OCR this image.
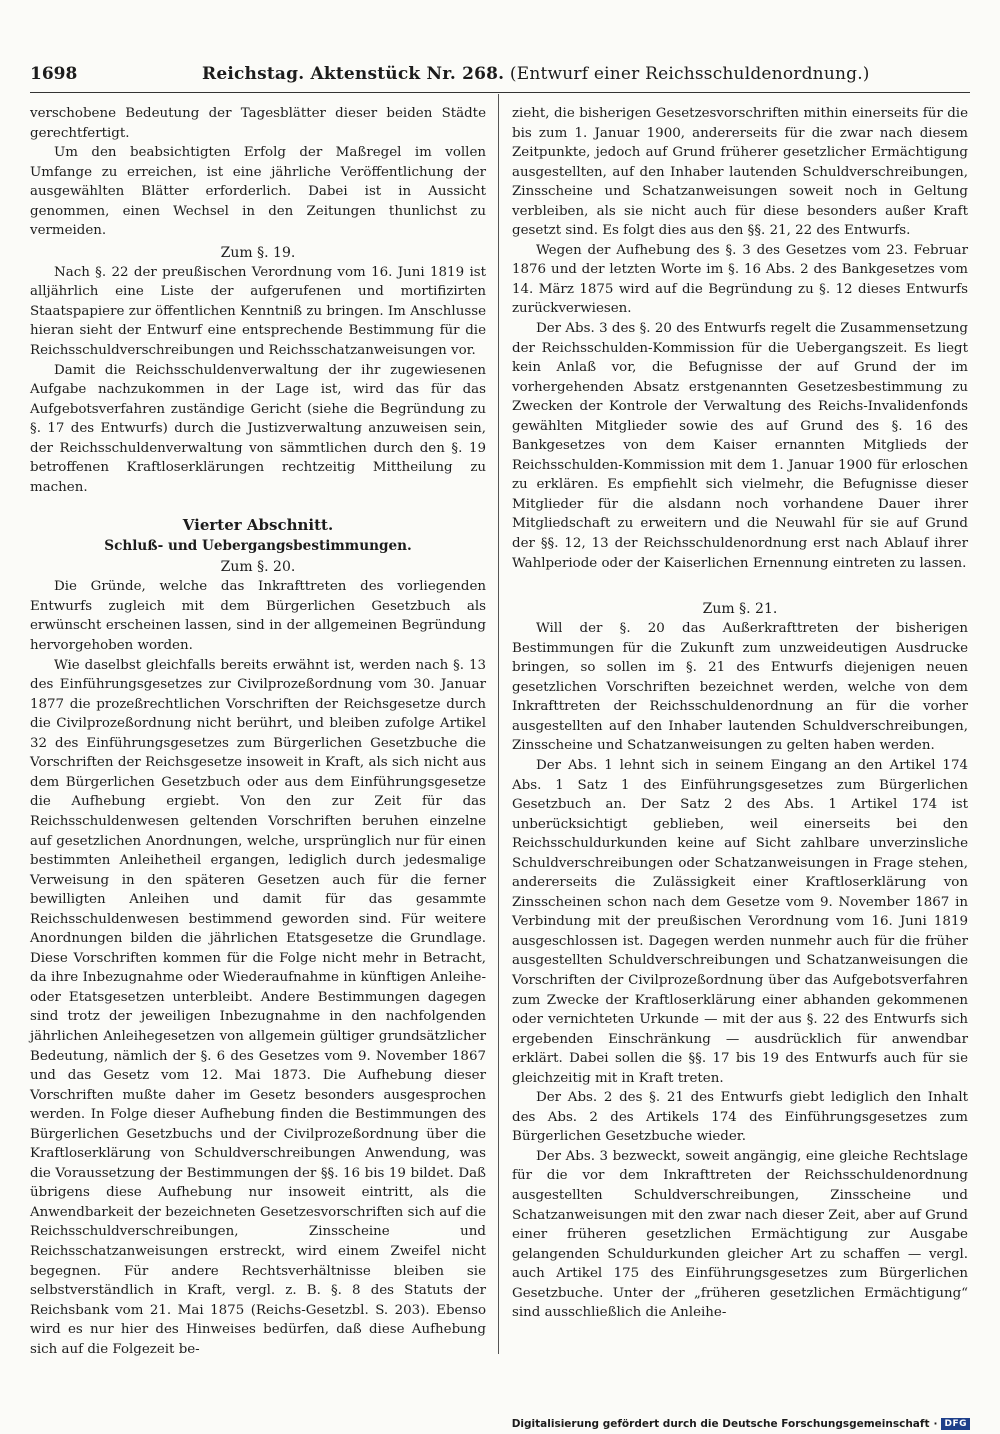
1698	Reichstag. Aktenstück Nr. 268. (Entwurf einer Reichsschuldenordnung.)

verschobene Bedeutung der Tagesblätter dieser beiden Städte gerechtfertigt.

Um den beabsichtigten Erfolg der Maßregel im vollen Umfange zu erreichen, ist eine jährliche Veröffentlichung der ausgewählten Blätter erforderlich. Dabei ist in Aussicht genommen, einen Wechsel in den Zeitungen thunlichst zu vermeiden.

Zum §. 19.

Nach §. 22 der preußischen Verordnung vom 16. Juni 1819 ist alljährlich eine Liste der aufgerufenen und mortifizirten Staatspapiere zur öffentlichen Kenntniß zu bringen. Im Anschlusse hieran sieht der Entwurf eine entsprechende Bestimmung für die Reichsschuldverschreibungen und Reichsschatzanweisungen vor.

Damit die Reichsschuldenverwaltung der ihr zugewiesenen Aufgabe nachzukommen in der Lage ist, wird das für das Aufgebotsverfahren zuständige Gericht (siehe die Begründung zu §. 17 des Entwurfs) durch die Justizverwaltung anzuweisen sein, der Reichsschuldenverwaltung von sämmtlichen durch den §. 19 betroffenen Kraftloserklärungen rechtzeitig Mittheilung zu machen.

Vierter Abschnitt.
Schluß- und Uebergangsbestimmungen.
Zum §. 20.

Die Gründe, welche das Inkrafttreten des vorliegenden Entwurfs zugleich mit dem Bürgerlichen Gesetzbuch als erwünscht erscheinen lassen, sind in der allgemeinen Begründung hervorgehoben worden.

Wie daselbst gleichfalls bereits erwähnt ist, werden nach §. 13 des Einführungsgesetzes zur Civilprozeßordnung vom 30. Januar 1877 die prozeßrechtlichen Vorschriften der Reichsgesetze durch die Civilprozeßordnung nicht berührt, und bleiben zufolge Artikel 32 des Einführungsgesetzes zum Bürgerlichen Gesetzbuche die Vorschriften der Reichsgesetze insoweit in Kraft, als sich nicht aus dem Bürgerlichen Gesetzbuch oder aus dem Einführungsgesetze die Aufhebung ergiebt. Von den zur Zeit für das Reichsschuldenwesen geltenden Vorschriften beruhen einzelne auf gesetzlichen Anordnungen, welche, ursprünglich nur für einen bestimmten Anleihetheil ergangen, lediglich durch jedesmalige Verweisung in den späteren Gesetzen auch für die ferner bewilligten Anleihen und damit für das gesammte Reichsschuldenwesen bestimmend geworden sind. Für weitere Anordnungen bilden die jährlichen Etatsgesetze die Grundlage. Diese Vorschriften kommen für die Folge nicht mehr in Betracht, da ihre Inbezugnahme oder Wiederaufnahme in künftigen Anleihe- oder Etatsgesetzen unterbleibt. Andere Bestimmungen dagegen sind trotz der jeweiligen Inbezugnahme in den nachfolgenden jährlichen Anleihegesetzen von allgemein gültiger grundsätzlicher Bedeutung, nämlich der §. 6 des Gesetzes vom 9. November 1867 und das Gesetz vom 12. Mai 1873. Die Aufhebung dieser Vorschriften mußte daher im Gesetz besonders ausgesprochen werden. In Folge dieser Aufhebung finden die Bestimmungen des Bürgerlichen Gesetzbuchs und der Civilprozeßordnung über die Kraftloserklärung von Schuldverschreibungen Anwendung, was die Voraussetzung der Bestimmungen der §§. 16 bis 19 bildet. Daß übrigens diese Aufhebung nur insoweit eintritt, als die Anwendbarkeit der bezeichneten Gesetzesvorschriften sich auf die Reichsschuldverschreibungen, Zinsscheine und Reichsschatzanweisungen erstreckt, wird einem Zweifel nicht begegnen. Für andere Rechtsverhältnisse bleiben sie selbstverständlich in Kraft, vergl. z. B. §. 8 des Statuts der Reichsbank vom 21. Mai 1875 (Reichs-Gesetzbl. S. 203). Ebenso wird es nur hier des Hinweises bedürfen, daß diese Aufhebung sich auf die Folgezeit be-

zieht, die bisherigen Gesetzesvorschriften mithin einerseits für die bis zum 1. Januar 1900, andererseits für die zwar nach diesem Zeitpunkte, jedoch auf Grund früherer gesetzlicher Ermächtigung ausgestellten, auf den Inhaber lautenden Schuldverschreibungen, Zinsscheine und Schatzanweisungen soweit noch in Geltung verbleiben, als sie nicht auch für diese besonders außer Kraft gesetzt sind. Es folgt dies aus den §§. 21, 22 des Entwurfs.

Wegen der Aufhebung des §. 3 des Gesetzes vom 23. Februar 1876 und der letzten Worte im §. 16 Abs. 2 des Bankgesetzes vom 14. März 1875 wird auf die Begründung zu §. 12 dieses Entwurfs zurückverwiesen.

Der Abs. 3 des §. 20 des Entwurfs regelt die Zusammensetzung der Reichsschulden-Kommission für die Uebergangszeit. Es liegt kein Anlaß vor, die Befugnisse der auf Grund der im vorhergehenden Absatz erstgenannten Gesetzesbestimmung zu Zwecken der Kontrole der Verwaltung des Reichs-Invalidenfonds gewählten Mitglieder sowie des auf Grund des §. 16 des Bankgesetzes von dem Kaiser ernannten Mitglieds der Reichsschulden-Kommission mit dem 1. Januar 1900 für erloschen zu erklären. Es empfiehlt sich vielmehr, die Befugnisse dieser Mitglieder für die alsdann noch vorhandene Dauer ihrer Mitgliedschaft zu erweitern und die Neuwahl für sie auf Grund der §§. 12, 13 der Reichsschuldenordnung erst nach Ablauf ihrer Wahlperiode oder der Kaiserlichen Ernennung eintreten zu lassen.

Zum §. 21.

Will der §. 20 das Außerkrafttreten der bisherigen Bestimmungen für die Zukunft zum unzweideutigen Ausdrucke bringen, so sollen im §. 21 des Entwurfs diejenigen neuen gesetzlichen Vorschriften bezeichnet werden, welche von dem Inkrafttreten der Reichsschuldenordnung an für die vorher ausgestellten auf den Inhaber lautenden Schuldverschreibungen, Zinsscheine und Schatzanweisungen zu gelten haben werden.

Der Abs. 1 lehnt sich in seinem Eingang an den Artikel 174 Abs. 1 Satz 1 des Einführungsgesetzes zum Bürgerlichen Gesetzbuch an. Der Satz 2 des Abs. 1 Artikel 174 ist unberücksichtigt geblieben, weil einerseits bei den Reichsschuldurkunden keine auf Sicht zahlbare unverzinsliche Schuldverschreibungen oder Schatzanweisungen in Frage stehen, andererseits die Zulässigkeit einer Kraftloserklärung von Zinsscheinen schon nach dem Gesetze vom 9. November 1867 in Verbindung mit der preußischen Verordnung vom 16. Juni 1819 ausgeschlossen ist. Dagegen werden nunmehr auch für die früher ausgestellten Schuldverschreibungen und Schatzanweisungen die Vorschriften der Civilprozeßordnung über das Aufgebotsverfahren zum Zwecke der Kraftloserklärung einer abhanden gekommenen oder vernichteten Urkunde — mit der aus §. 22 des Entwurfs sich ergebenden Einschränkung — ausdrücklich für anwendbar erklärt. Dabei sollen die §§. 17 bis 19 des Entwurfs auch für sie gleichzeitig mit in Kraft treten.

Der Abs. 2 des §. 21 des Entwurfs giebt lediglich den Inhalt des Abs. 2 des Artikels 174 des Einführungsgesetzes zum Bürgerlichen Gesetzbuche wieder.

Der Abs. 3 bezweckt, soweit angängig, eine gleiche Rechtslage für die vor dem Inkrafttreten der Reichsschuldenordnung ausgestellten Schuldverschreibungen, Zinsscheine und Schatzanweisungen mit den zwar nach dieser Zeit, aber auf Grund einer früheren gesetzlichen Ermächtigung zur Ausgabe gelangenden Schuldurkunden gleicher Art zu schaffen — vergl. auch Artikel 175 des Einführungsgesetzes zum Bürgerlichen Gesetzbuche. Unter der „früheren gesetzlichen Ermächtigung“ sind ausschließlich die Anleihe-

Digitalisierung gefördert durch die Deutsche Forschungsgemeinschaft · DFG
